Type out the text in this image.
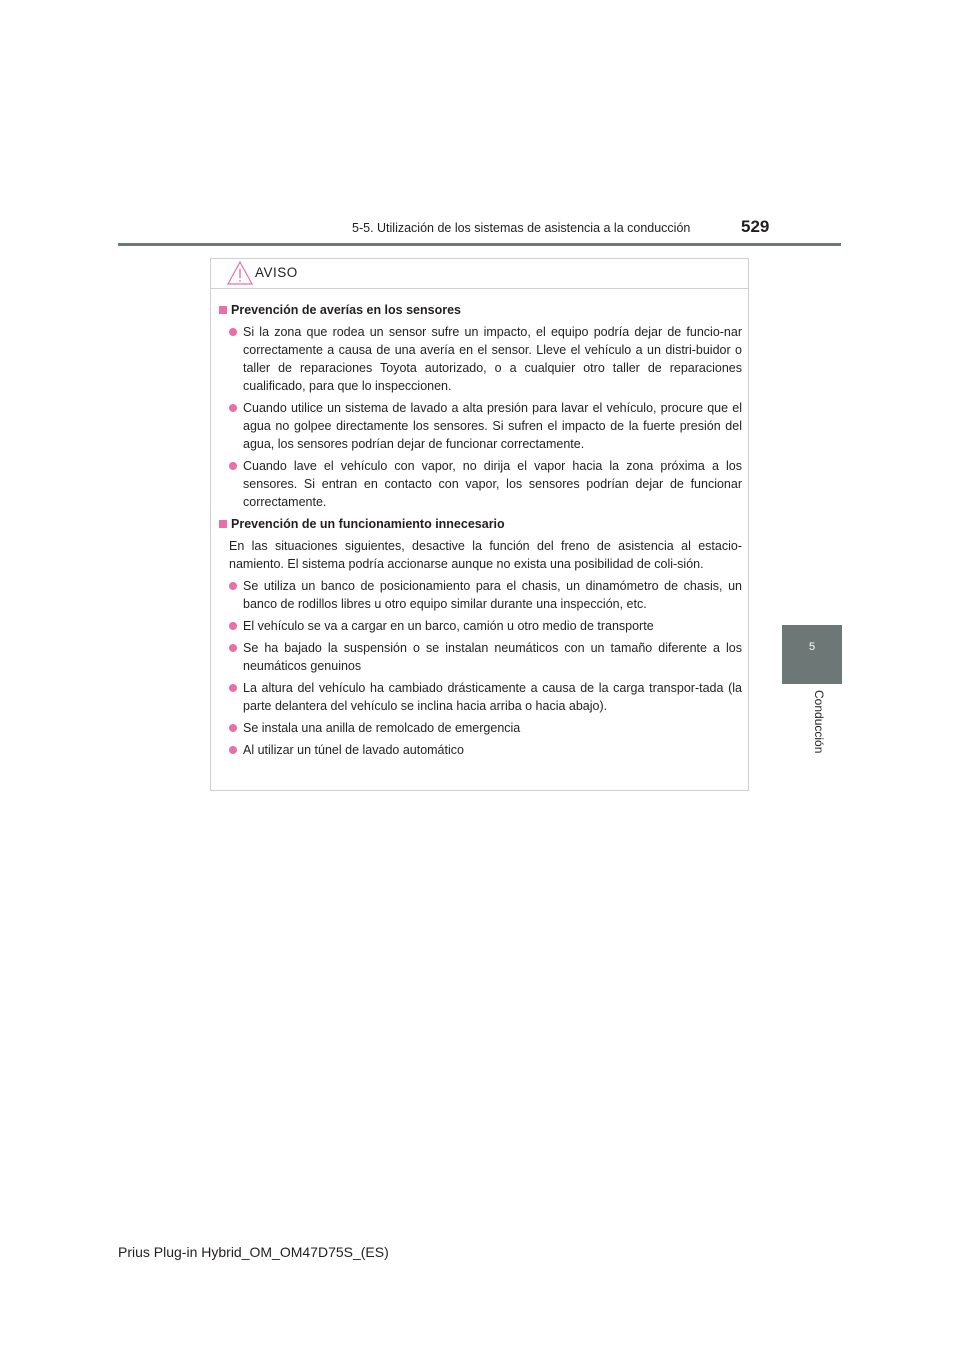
5-5. Utilización de los sistemas de asistencia a la conducción	529
5
Conducción
AVISO
Prevención de averías en los sensores
Si la zona que rodea un sensor sufre un impacto, el equipo podría dejar de funcio-nar correctamente a causa de una avería en el sensor. Lleve el vehículo a un distri-buidor o taller de reparaciones Toyota autorizado, o a cualquier otro taller de reparaciones cualificado, para que lo inspeccionen.
Cuando utilice un sistema de lavado a alta presión para lavar el vehículo, procure que el agua no golpee directamente los sensores. Si sufren el impacto de la fuerte presión del agua, los sensores podrían dejar de funcionar correctamente.
Cuando lave el vehículo con vapor, no dirija el vapor hacia la zona próxima a los sensores. Si entran en contacto con vapor, los sensores podrían dejar de funcionar correctamente.
Prevención de un funcionamiento innecesario
En las situaciones siguientes, desactive la función del freno de asistencia al estacio-namiento. El sistema podría accionarse aunque no exista una posibilidad de coli-sión.
Se utiliza un banco de posicionamiento para el chasis, un dinamómetro de chasis, un banco de rodillos libres u otro equipo similar durante una inspección, etc.
El vehículo se va a cargar en un barco, camión u otro medio de transporte
Se ha bajado la suspensión o se instalan neumáticos con un tamaño diferente a los neumáticos genuinos
La altura del vehículo ha cambiado drásticamente a causa de la carga transpor-tada (la parte delantera del vehículo se inclina hacia arriba o hacia abajo).
Se instala una anilla de remolcado de emergencia
Al utilizar un túnel de lavado automático
Prius Plug-in Hybrid_OM_OM47D75S_(ES)
